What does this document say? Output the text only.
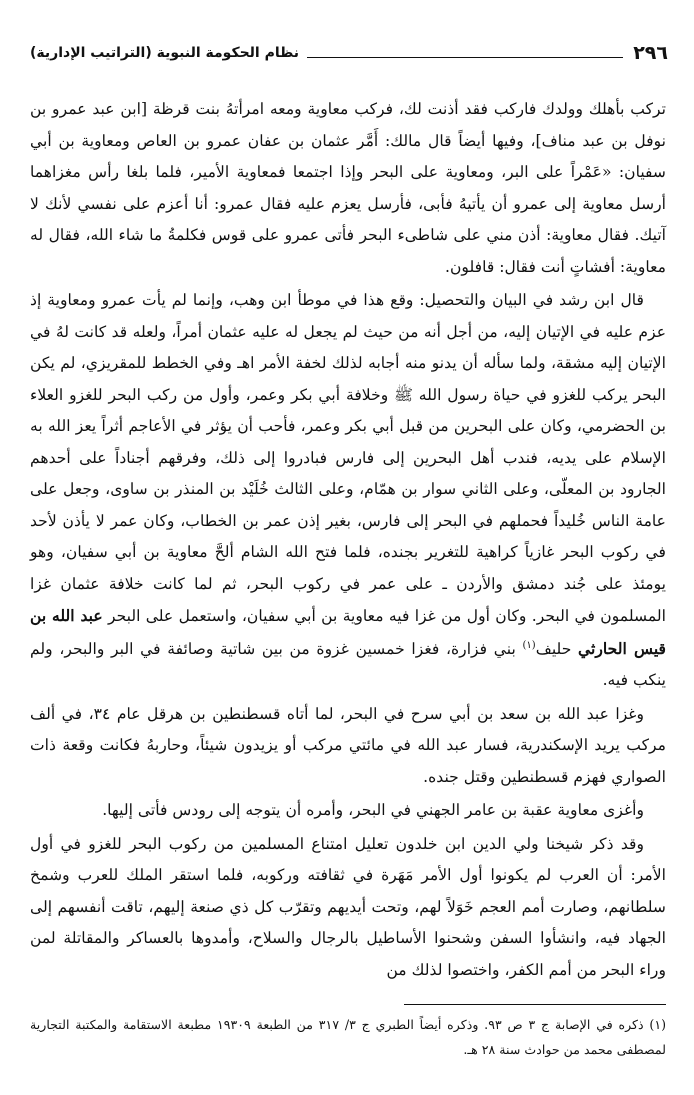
٢٩٦
نظام الحكومة النبوية (التراتيب الإدارية)

تركب بأهلك وولدك فاركب فقد أذنت لك، فركب معاوية ومعه امرأتهُ بنت قرظة [ابن عبد عمرو بن نوفل بن عبد مناف]، وفيها أيضاً قال مالك: أَمَّر عثمان بن عفان عمرو بن العاص ومعاوية بن أبي سفيان: «عَمْراً على البر، ومعاوية على البحر وإذا اجتمعا فمعاوية الأمير، فلما بلغا رأس مغزاهما أرسل معاوية إلى عمرو أن يأتيهُ فأبى، فأرسل يعزم عليه فقال عمرو: أنا أعزم على نفسي لأنك لا آتيك. فقال معاوية: أذن مني على شاطىء البحر فأتى عمرو على قوس فكلمةُ ما شاء الله، فقال له معاوية: أفشاتٍ أنت فقال: قافلون.

قال ابن رشد في البيان والتحصيل: وقع هذا في موطأ ابن وهب، وإنما لم يأت عمرو ومعاوية إذ عزم عليه في الإتيان إليه، من أجل أنه من حيث لم يجعل له عليه عثمان أمراً، ولعله قد كانت لهُ في الإتيان إليه مشقة، ولما سأله أن يدنو منه أجابه لذلك لخفة الأمر اهـ وفي الخطط للمقريزي، لم يكن البحر يركب للغزو في حياة رسول الله ﷺ وخلافة أبي بكر وعمر، وأول من ركب البحر للغزو العلاء بن الحضرمي، وكان على البحرين من قبل أبي بكر وعمر، فأحب أن يؤثر في الأعاجم أثراً يعز الله به الإسلام على يديه، فندب أهل البحرين إلى فارس فبادروا إلى ذلك، وفرقهم أجناداً على أحدهم الجارود بن المعلّى، وعلى الثاني سوار بن همّام، وعلى الثالث خُلَيْد بن المنذر بن ساوى، وجعل على عامة الناس خُليداً فحملهم في البحر إلى فارس، بغير إذن عمر بن الخطاب، وكان عمر لا يأذن لأحد في ركوب البحر غازياً كراهية للتغرير بجنده، فلما فتح الله الشام ألحَّ معاوية بن أبي سفيان، وهو يومئذ على جُند دمشق والأردن ـ على عمر في ركوب البحر، ثم لما كانت خلافة عثمان غزا المسلمون في البحر. وكان أول من غزا فيه معاوية بن أبي سفيان، واستعمل على البحر عبد الله بن قيس الحارثي حليف$^{(١)}$ بني فزارة، فغزا خمسين غزوة من بين شاتية وصائفة في البر والبحر، ولم ينكب فيه.

وغزا عبد الله بن سعد بن أبي سرح في البحر، لما أتاه قسطنطين بن هرقل عام ٣٤، في ألف مركب يريد الإسكندرية، فسار عبد الله في مائتي مركب أو يزيدون شيئاً، وحاربهُ فكانت وقعة ذات الصواري فهزم قسطنطين وقتل جنده.

وأغزى معاوية عقبة بن عامر الجهني في البحر، وأمره أن يتوجه إلى رودس فأتى إليها.

وقد ذكر شيخنا ولي الدين ابن خلدون تعليل امتناع المسلمين من ركوب البحر للغزو في أول الأمر: أن العرب لم يكونوا أول الأمر مَهَرة في ثقافته وركوبه، فلما استقر الملك للعرب وشمخ سلطانهم، وصارت أمم العجم خَوَلاً لهم، وتحت أيديهم وتقرّب كل ذي صنعة إليهم، تاقت أنفسهم إلى الجهاد فيه، وانشأوا السفن وشحنوا الأساطيل بالرجال والسلاح، وأمدوها بالعساكر والمقاتلة لمن وراء البحر من أمم الكفر، واختصوا لذلك من

(١) ذكره في الإصابة ج ٣ ص ٩٣. وذكره أيضاً الطبري ج ٣/ ٣١٧ من الطبعة ١٩٣٠٩ مطبعة الاستقامة والمكتبة التجارية لمصطفى محمد من حوادث سنة ٢٨ هـ.
